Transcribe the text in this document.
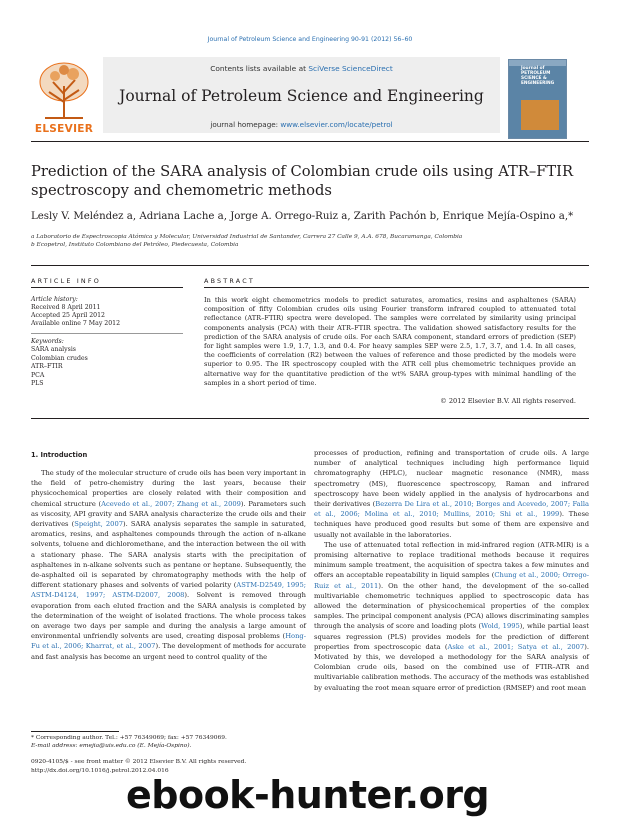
Journal of Petroleum Science and Engineering 90-91 (2012) 56–60
ELSEVIER
Contents lists available at SciVerse ScienceDirect
Journal of Petroleum Science and Engineering
journal homepage: www.elsevier.com/locate/petrol
Journal of PETROLEUM SCIENCE & ENGINEERING
Prediction of the SARA analysis of Colombian crude oils using ATR–FTIR spectroscopy and chemometric methods
Lesly V. Meléndez a, Adriana Lache a, Jorge A. Orrego-Ruiz a, Zarith Pachón b, Enrique Mejía-Ospino a,*
a Laboratorio de Espectroscopia Atómica y Molecular, Universidad Industrial de Santander, Carrera 27 Calle 9, A.A. 678, Bucaramanga, Colombia
b Ecopetrol, Instituto Colombiano del Petróleo, Piedecuesta, Colombia
ARTICLE INFO
Article history:
Received 8 April 2011
Accepted 25 April 2012
Available online 7 May 2012
Keywords:
SARA analysis
Colombian crudes
ATR–FTIR
PCA
PLS
ABSTRACT
In this work eight chemometrics models to predict saturates, aromatics, resins and asphaltenes (SARA) composition of fifty Colombian crudes oils using Fourier transform infrared coupled to attenuated total reflectance (ATR–FTIR) spectra were developed. The samples were correlated by similarity using principal components analysis (PCA) with their ATR–FTIR spectra. The validation showed satisfactory results for the prediction of the SARA analysis of crude oils. For each SARA component, standard errors of prediction (SEP) for light samples were 1.9, 1.7, 1.3, and 0.4. For heavy samples SEP were 2.5, 1.7, 3.7, and 1.4. In all cases, the coefficients of correlation (R2) between the values of reference and those predicted by the models were superior to 0.95. The IR spectroscopy coupled with the ATR cell plus chemometric techniques provide an alternative way for the quantitative prediction of the wt% SARA group-types with minimal handling of the samples in a short period of time.
© 2012 Elsevier B.V. All rights reserved.
1. Introduction

The study of the molecular structure of crude oils has been very important in the field of petro-chemistry during the last years, because their physicochemical properties are closely related with their composition and chemical structure (Acevedo et al., 2007; Zhang et al., 2009). Parameters such as viscosity, API gravity and SARA analysis characterize the crude oils and their derivatives (Speight, 2007). SARA analysis separates the sample in saturated, aromatics, resins, and asphaltenes compounds through the action of n-alkane solvents, toluene and dichloromethane, and the interaction between the oil with a stationary phase. The SARA analysis starts with the precipitation of asphaltenes in n-alkane solvents such as pentane or heptane. Subsequently, the de-asphalted oil is separated by chromatography methods with the help of different stationary phases and solvents of varied polarity (ASTM-D2549, 1995; ASTM-D4124, 1997; ASTM-D2007, 2008). Solvent is removed through evaporation from each eluted fraction and the SARA analysis is completed by the determination of the weight of isolated fractions. The whole process takes on average two days per sample and during the analysis a large amount of environmental unfriendly solvents are used, creating disposal problems (Hong-Fu et al., 2006; Kharrat, et al., 2007). The development of methods for accurate and fast analysis has become an urgent need to control quality of the

processes of production, refining and transportation of crude oils. A large number of analytical techniques including high performance liquid chromatography (HPLC), nuclear magnetic resonance (NMR), mass spectrometry (MS), fluorescence spectroscopy, Raman and infrared spectroscopy have been widely applied in the analysis of hydrocarbons and their derivatives (Bezerra De Lira et al., 2010; Borges and Acevedo, 2007; Falla et al., 2006; Molina et al., 2010; Mullins, 2010; Shi et al., 1999). These techniques have produced good results but some of them are expensive and usually not available in the laboratories.

The use of attenuated total reflection in mid-infrared region (ATR-MIR) is a promising alternative to replace traditional methods because it requires minimum sample treatment, the acquisition of spectra takes a few minutes and offers an acceptable repeatability in liquid samples (Chung et al., 2000; Orrego-Ruiz et al., 2011). On the other hand, the development of the so-called multivariable chemometric techniques applied to spectroscopic data has allowed the determination of physicochemical properties of the complex samples. The principal component analysis (PCA) allows discriminating samples through the analysis of score and loading plots (Wold, 1995), while partial least squares regression (PLS) provides models for the prediction of different properties from spectroscopic data (Aske et al., 2001; Satya et al., 2007). Motivated by this, we developed a methodology for the SARA analysis of Colombian crude oils, based on the combined use of FTIR–ATR and multivariable calibration methods. The accuracy of the methods was established by evaluating the root mean square error of prediction (RMSEP) and root mean

* Corresponding author. Tel.: +57 76349069; fax: +57 76349069.
E-mail address: emejia@uis.edu.co (E. Mejía-Ospino).
0920-4105/$ - see front matter © 2012 Elsevier B.V. All rights reserved.
http://dx.doi.org/10.1016/j.petrol.2012.04.016
ebook-hunter.org
